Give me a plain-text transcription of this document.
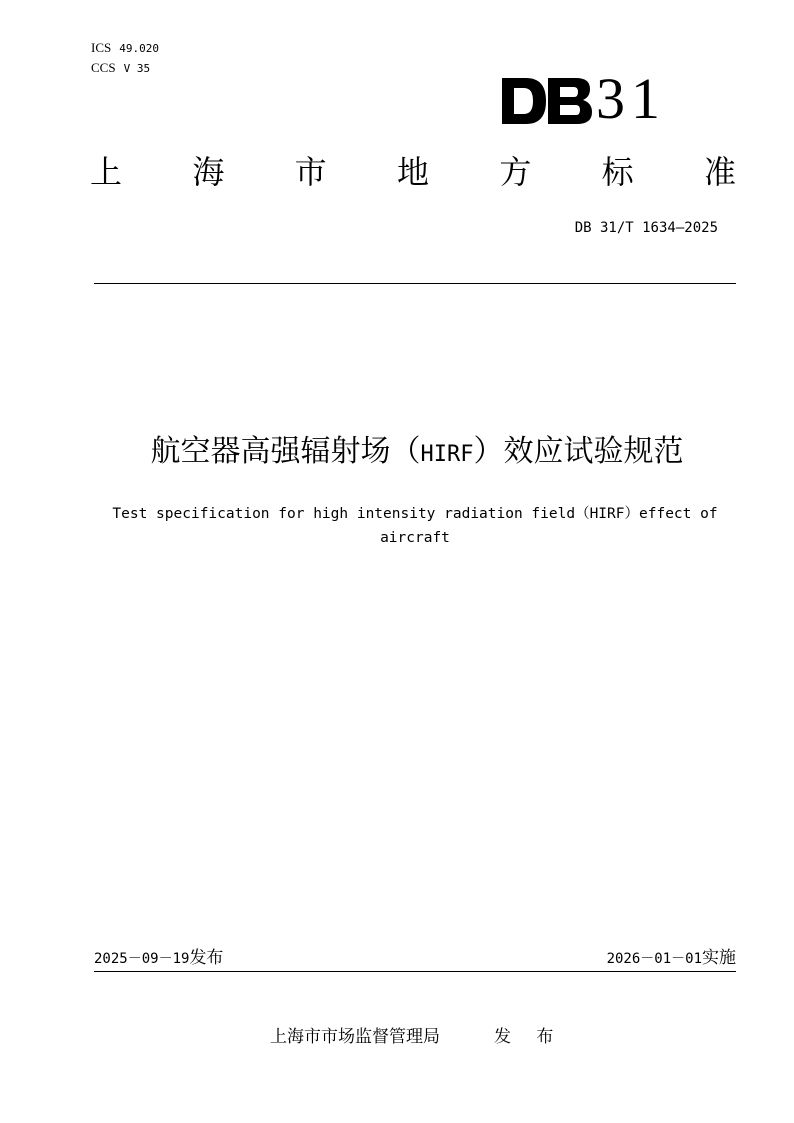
ICS 49.020
CCS V 35	31
上 海 市 地 方 标 准
DB 31/T 1634—2025
航空器高强辐射场（HIRF）效应试验规范
Test specification for high intensity radiation field（HIRF）effect of
aircraft
2025－09－19发布	2026－01－01实施
上海市市场监督管理局	发 布
